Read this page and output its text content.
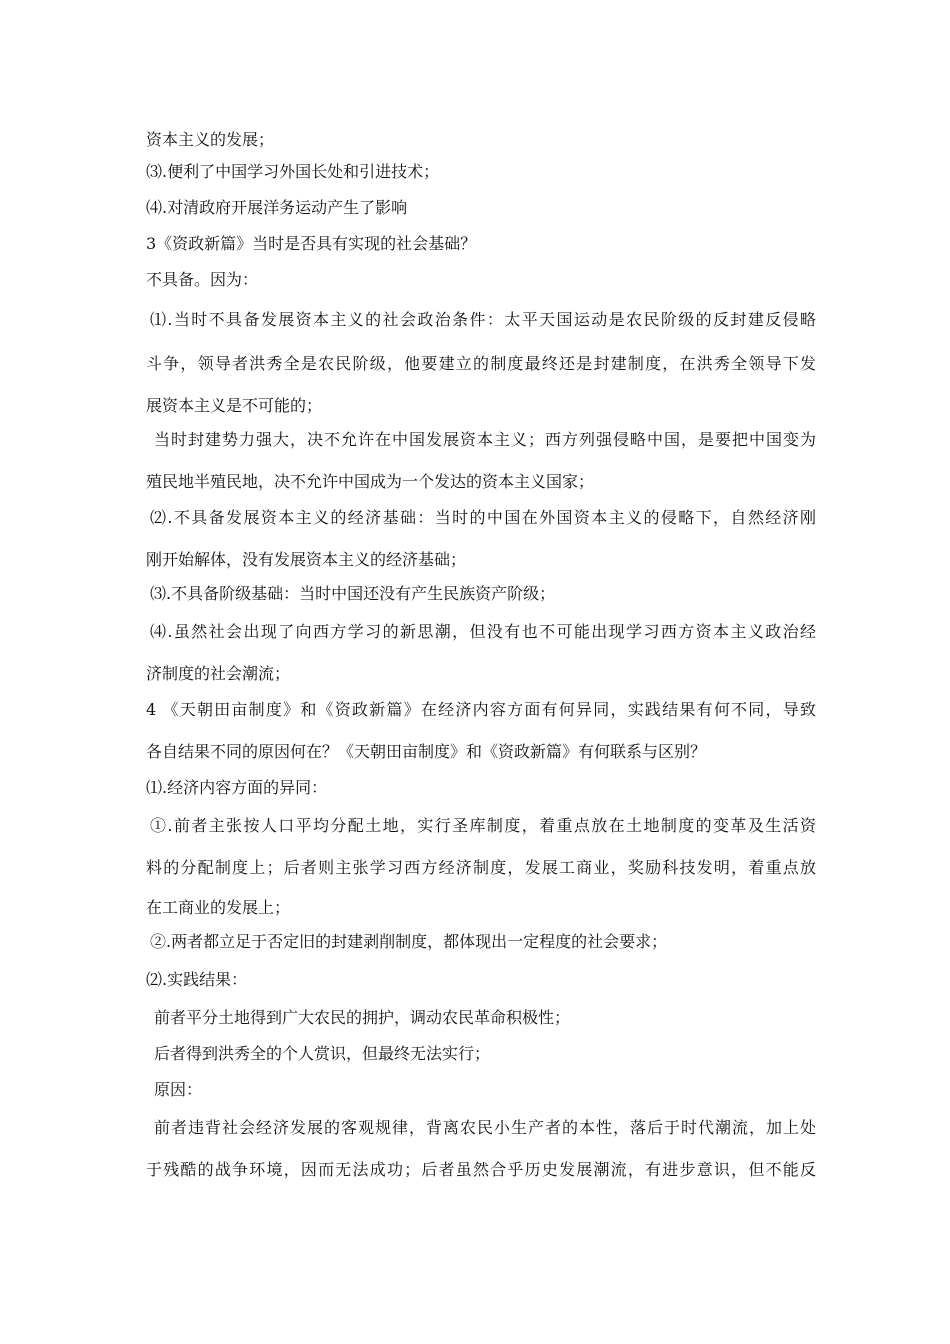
资本主义的发展；
⑶.便利了中国学习外国长处和引进技术；
⑷.对清政府开展洋务运动产生了影响
3《资政新篇》当时是否具有实现的社会基础？
不具备。因为：
⑴.当时不具备发展资本主义的社会政治条件：太平天国运动是农民阶级的反封建反侵略
斗争，领导者洪秀全是农民阶级，他要建立的制度最终还是封建制度，在洪秀全领导下发
展资本主义是不可能的；
当时封建势力强大，决不允许在中国发展资本主义；西方列强侵略中国，是要把中国变为
殖民地半殖民地，决不允许中国成为一个发达的资本主义国家；
⑵.不具备发展资本主义的经济基础：当时的中国在外国资本主义的侵略下，自然经济刚
刚开始解体，没有发展资本主义的经济基础；
⑶.不具备阶级基础：当时中国还没有产生民族资产阶级；
⑷.虽然社会出现了向西方学习的新思潮，但没有也不可能出现学习西方资本主义政治经
济制度的社会潮流；
4 《天朝田亩制度》和《资政新篇》在经济内容方面有何异同，实践结果有何不同，导致
各自结果不同的原因何在？《天朝田亩制度》和《资政新篇》有何联系与区别？
⑴.经济内容方面的异同：
①.前者主张按人口平均分配土地，实行圣库制度，着重点放在土地制度的变革及生活资
料的分配制度上；后者则主张学习西方经济制度，发展工商业，奖励科技发明，着重点放
在工商业的发展上；
②.两者都立足于否定旧的封建剥削制度，都体现出一定程度的社会要求；
⑵.实践结果：
前者平分土地得到广大农民的拥护，调动农民革命积极性；
后者得到洪秀全的个人赏识，但最终无法实行；
原因：
前者违背社会经济发展的客观规律，背离农民小生产者的本性，落后于时代潮流，加上处
于残酷的战争环境，因而无法成功；后者虽然合乎历史发展潮流，有进步意识，但不能反
